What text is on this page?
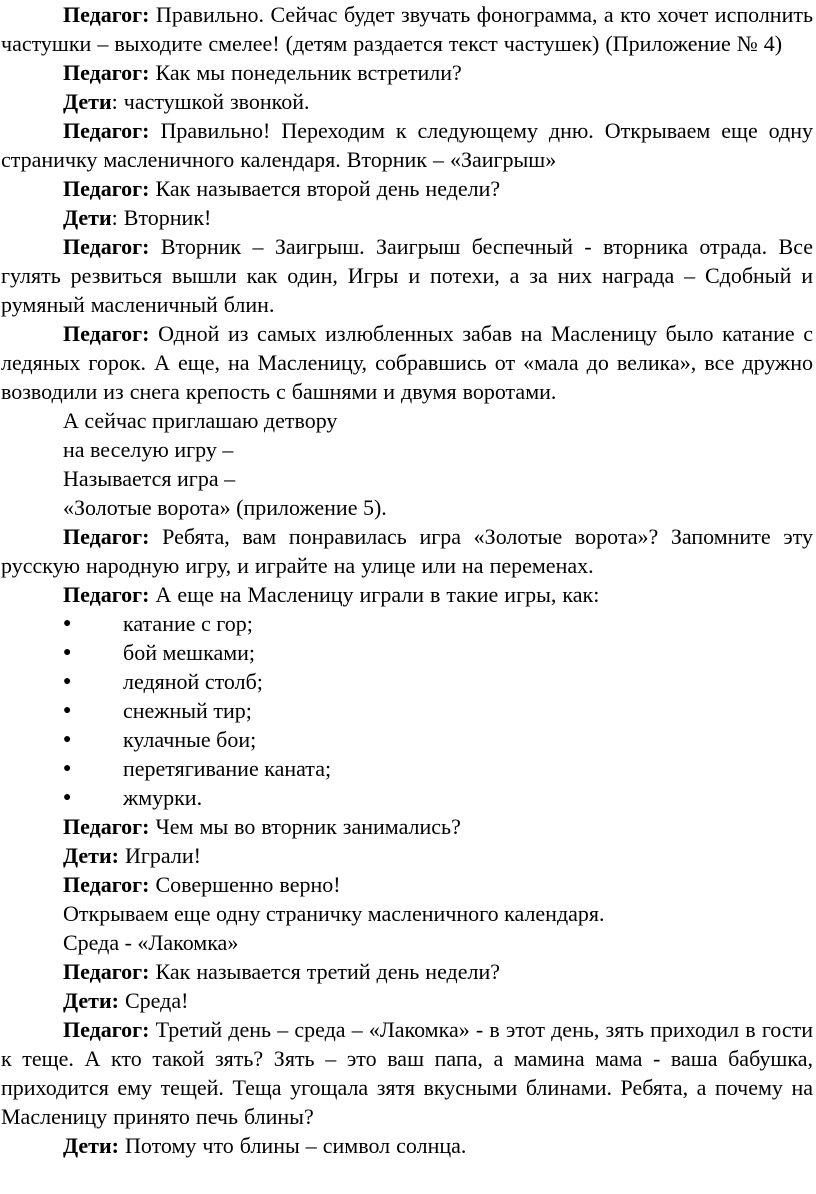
Педагог: Правильно. Сейчас будет звучать фонограмма, а кто хочет исполнить частушки – выходите смелее! (детям раздается текст частушек) (Приложение № 4)

Педагог: Как мы понедельник встретили?

Дети: частушкой звонкой.

Педагог: Правильно! Переходим к следующему дню. Открываем еще одну страничку масленичного календаря. Вторник – «Заигрыш»

Педагог: Как называется второй день недели?

Дети: Вторник!

Педагог: Вторник – Заигрыш. Заигрыш беспечный - вторника отрада. Все гулять резвиться вышли как один, Игры и потехи, а за них награда – Сдобный и румяный масленичный блин.

Педагог: Одной из самых излюбленных забав на Масленицу было катание с ледяных горок. А еще, на Масленицу, собравшись от «мала до велика», все дружно возводили из снега крепость с башнями и двумя воротами.

А сейчас приглашаю детвору

на веселую игру –

Называется игра –

«Золотые ворота» (приложение 5).

Педагог: Ребята, вам понравилась игра «Золотые ворота»? Запомните эту русскую народную игру, и играйте на улице или на переменах.

Педагог: А еще на Масленицу играли в такие игры, как:

● катание с гор;

● бой мешками;

● ледяной столб;

● снежный тир;

● кулачные бои;

● перетягивание каната;

● жмурки.

Педагог: Чем мы во вторник занимались?

Дети: Играли!

Педагог: Совершенно верно!

Открываем еще одну страничку масленичного календаря.

Среда - «Лакомка»

Педагог: Как называется третий день недели?

Дети: Среда!

Педагог: Третий день – среда – «Лакомка» - в этот день, зять приходил в гости к теще. А кто такой зять? Зять – это ваш папа, а мамина мама - ваша бабушка, приходится ему тещей. Теща угощала зятя вкусными блинами. Ребята, а почему на Масленицу принято печь блины?

Дети: Потому что блины – символ солнца.
